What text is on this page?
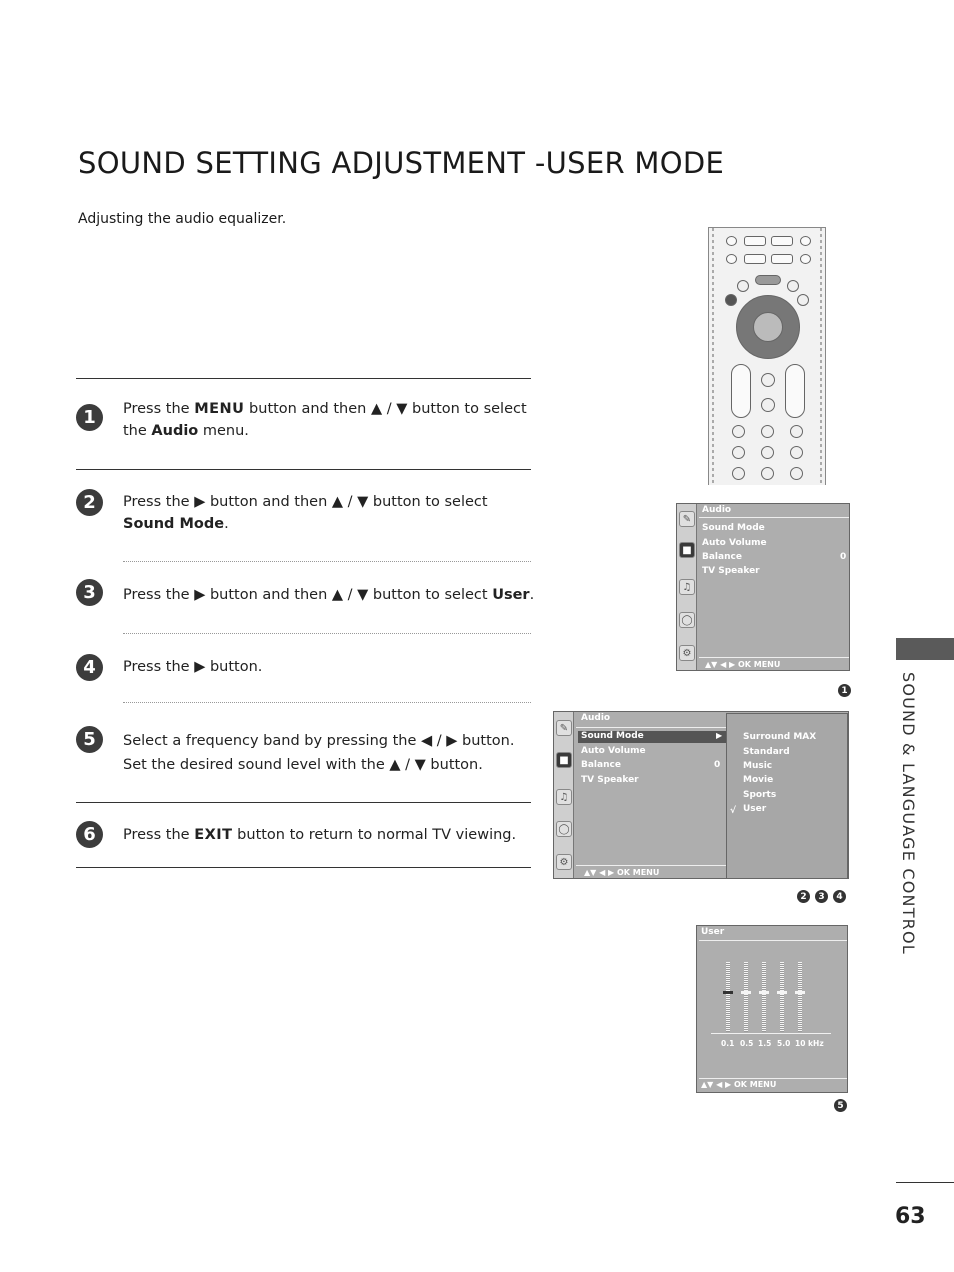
SOUND SETTING ADJUSTMENT -USER MODE
Adjusting the audio equalizer.
1	Press the MENU button and then ▲ / ▼ button to select
the Audio menu.
2	Press the ▶ button and then ▲ / ▼ button to select
Sound Mode.
3	Press the ▶ button and then ▲ / ▼ button to select User.
4	Press the ▶ button.
5	Select a frequency band by pressing the ◀ / ▶ button.
Set the desired sound level with the ▲ / ▼ button.
6	Press the EXIT button to return to normal TV viewing.	SOUND & LANGUAGE CONTROL
63
✎
■
♫
◯
⚙
Audio
Sound Mode
Auto Volume
Balance	0
TV Speaker
▲▼ ◀ ▶ OK MENU
1
✎
■
♫
◯
⚙
Audio
Sound Mode	▶
Auto Volume
Balance	0
TV Speaker
▲▼ ◀ ▶ OK MENU
Surround MAX
Standard
Music
Movie
Sports
√ User
2	3	4
User
▲▼ ◀ ▶ OK MENU
0.1 0.5 1.5 5.0 10 kHz
5
